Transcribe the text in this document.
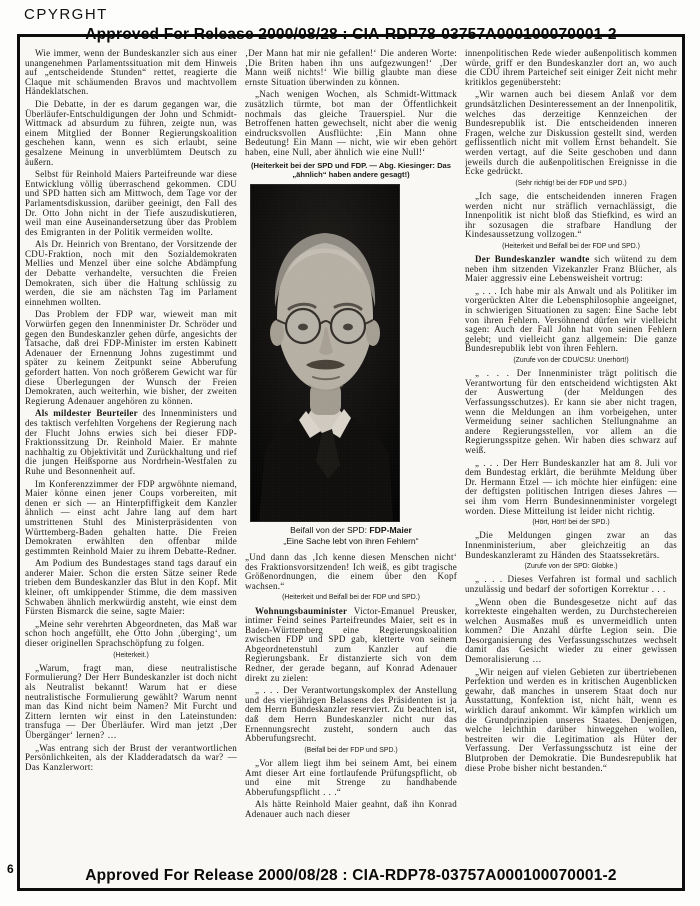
CPYRGHT
Approved For Release 2000/08/28 : CIA-RDP78-03757A000100070001-2

Wie immer, wenn der Bundeskanzler sich aus einer unangenehmen Parlamentssituation mit dem Hinweis auf „entscheidende Stunden“ rettet, reagierte die Claque mit schäumenden Bravos und machtvollem Händeklatschen.

Die Debatte, in der es darum gegangen war, die Überläufer-Entschuldigungen der John und Schmidt-Wittmack ad absurdum zu führen, zeigte nun, was einem Mitglied der Bonner Regierungskoalition geschehen kann, wenn es sich erlaubt, seine gesalzene Meinung in unverblümtem Deutsch zu äußern.

Selbst für Reinhold Maiers Parteifreunde war diese Entwicklung völlig überraschend gekommen. CDU und SPD hatten sich am Mittwoch, dem Tage vor der Parlamentsdiskussion, darüber geeinigt, den Fall des Dr. Otto John nicht in der Tiefe auszudiskutieren, weil man eine Auseinandersetzung über das Problem des Emigranten in der Politik vermeiden wollte.

Als Dr. Heinrich von Brentano, der Vorsitzende der CDU-Fraktion, noch mit den Sozialdemokraten Mellies und Menzel über eine solche Abdämpfung der Debatte verhandelte, versuchten die Freien Demokraten, sich über die Haltung schlüssig zu werden, die sie am nächsten Tag im Parlament einnehmen wollten.

Das Problem der FDP war, wieweit man mit Vorwürfen gegen den Innenminister Dr. Schröder und gegen den Bundeskanzler gehen dürfe, angesichts der Tatsache, daß drei FDP-Minister im ersten Kabinett Adenauer der Ernennung Johns zugestimmt und später zu keinem Zeitpunkt seine Abberufung gefordert hatten. Von noch größerem Gewicht war für diese Überlegungen der Wunsch der Freien Demokraten, auch weiterhin, wie bisher, der zweiten Regierung Adenauer angehören zu können.

Als mildester Beurteiler des Innenministers und des taktisch verfehlten Vorgehens der Regierung nach der Flucht Johns erwies sich bei dieser FDP-Fraktionssitzung Dr. Reinhold Maier. Er mahnte nachhaltig zu Objektivität und Zurückhaltung und rief die jungen Heißsporne aus Nordrhein-Westfalen zu Ruhe und Besonnenheit auf.

Im Konferenzzimmer der FDP argwöhnte niemand, Maier könne einen jener Coups vorbereiten, mit denen er sich — an Hinterpfiffigkeit dem Kanzler ähnlich — einst acht Jahre lang auf dem hart umstrittenen Stuhl des Ministerpräsidenten von Württemberg-Baden gehalten hatte. Die Freien Demokraten erwählten den offenbar milde gestimmten Reinhold Maier zu ihrem Debatte-Redner.

Am Podium des Bundestages stand tags darauf ein anderer Maier. Schon die ersten Sätze seiner Rede trieben dem Bundeskanzler das Blut in den Kopf. Mit kleiner, oft umkippender Stimme, die dem massiven Schwaben ähnlich merkwürdig ansteht, wie einst dem Fürsten Bismarck die seine, sagte Maier:

„Meine sehr verehrten Abgeordneten, das Maß war schon hoch angefüllt, ehe Otto John ‚überging‘, um dieser originellen Sprachschöpfung zu folgen.

(Heiterkeit.)

„Warum, fragt man, diese neutralistische Formulierung? Der Herr Bundeskanzler ist doch nicht als Neutralist bekannt! Warum hat er diese neutralistische Formulierung gewählt? Warum nennt man das Kind nicht beim Namen? Mit Furcht und Zittern lernten wir einst in den Lateinstunden: transfuga — Der Überläufer. Wird man jetzt ‚Der Übergänger‘ lernen? …

„Was entrang sich der Brust der verantwortlichen Persönlichkeiten, als der Kladderadatsch da war? — Das Kanzlerwort:

‚Der Mann hat mir nie gefallen!‘ Die anderen Worte: ‚Die Briten haben ihn uns aufgezwungen!‘ ‚Der Mann weiß nichts!‘ Wie billig glaubte man diese ernste Situation überwinden zu können.

„Nach wenigen Wochen, als Schmidt-Wittmack zusätzlich türmte, bot man der Öffentlichkeit nochmals das gleiche Trauerspiel. Nur die Betroffenen hatten gewechselt, nicht aber die wenig eindrucksvollen Ausflüchte: ‚Ein Mann ohne Bedeutung! Ein Mann — nicht, wie wir eben gehört haben, eine Null, aber ähnlich wie eine Null!‘

(Heiterkeit bei der SPD und FDP. — Abg. Kiesinger: Das „ähnlich“ haben andere gesagt!)
Beifall von der SPD: FDP-Maier
„Eine Sache lebt von ihren Fehlern“

„Und dann das ‚Ich kenne diesen Menschen nicht‘ des Fraktionsvorsitzenden! Ich weiß, es gibt tragische Größenordnungen, die einem über den Kopf wachsen.“

(Heiterkeit und Beifall bei der FDP und SPD.)

Wohnungsbauminister Victor-Emanuel Preusker, intimer Feind seines Parteifreundes Maier, seit es in Baden-Württemberg eine Regierungskoalition zwischen FDP und SPD gab, kletterte von seinem Abgeordnetenstuhl zum Kanzler auf die Regierungsbank. Er distanzierte sich von dem Redner, der gerade begann, auf Konrad Adenauer direkt zu zielen:

„ . . . Der Verantwortungskomplex der Anstellung und des vierjährigen Belassens des Präsidenten ist ja dem Herrn Bundeskanzler reserviert. Zu beachten ist, daß dem Herrn Bundeskanzler nicht nur das Ernennungsrecht zusteht, sondern auch das Abberufungsrecht.

(Beifall bei der FDP und SPD.)

„Vor allem liegt ihm bei seinem Amt, bei einem Amt dieser Art eine fortlaufende Prüfungspflicht, ob und eine mit Strenge zu handhabende Abberufungspflicht . . .“

Als hätte Reinhold Maier geahnt, daß ihn Konrad Adenauer auch nach dieser

innenpolitischen Rede wieder außenpolitisch kommen würde, griff er den Bundeskanzler dort an, wo auch die CDU ihrem Parteichef seit einiger Zeit nicht mehr kritiklos gegenübersteht:

„Wir warnen auch bei diesem Anlaß vor dem grundsätzlichen Desinteressement an der Innenpolitik, welches das derzeitige Kennzeichen der Bundesrepublik ist. Die entscheidenden inneren Fragen, welche zur Diskussion gestellt sind, werden geflissentlich nicht mit vollem Ernst behandelt. Sie werden vertagt, auf die Seite geschoben und dann jeweils durch die außenpolitischen Ereignisse in die Ecke gedrückt.

(Sehr richtig! bei der FDP und SPD.)

„Ich sage, die entscheidenden inneren Fragen werden nicht nur sträflich vernachlässigt, die Innenpolitik ist nicht bloß das Stiefkind, es wird an ihr sozusagen die strafbare Handlung der Kindesaussetzung vollzogen.“

(Heiterkeit und Beifall bei der FDP und SPD.)

Der Bundeskanzler wandte sich wütend zu dem neben ihm sitzenden Vizekanzler Franz Blücher, als Maier aggressiv eine Lebensweisheit vortrug:

„ . . . Ich habe mir als Anwalt und als Politiker im vorgerückten Alter die Lebensphilosophie angeeignet, in schwierigen Situationen zu sagen: Eine Sache lebt von ihren Fehlern. Versöhnend dürfen wir vielleicht sagen: Auch der Fall John hat von seinen Fehlern gelebt; und vielleicht ganz allgemein: Die ganze Bundesrepublik lebt von ihren Fehlern.

(Zurufe von der CDU/CSU: Unerhört!)

„ . . . Der Innenminister trägt politisch die Verantwortung für den entscheidend wichtigsten Akt der Auswertung (der Meldungen des Verfassungsschutzes). Er kann sie aber nicht tragen, wenn die Meldungen an ihm vorbeigehen, unter Vermeidung seiner sachlichen Stellungnahme an andere Regierungsstellen, vor allem an die Regierungsspitze gehen. Wir haben dies schwarz auf weiß.

„ . . . Der Herr Bundeskanzler hat am 8. Juli vor dem Bundestag erklärt, die berühmte Meldung über Dr. Hermann Etzel — ich möchte hier einfügen: eine der deftigsten politischen Intrigen dieses Jahres — sei ihm vom Herrn Bundesinnenminister vorgelegt worden. Diese Mitteilung ist leider nicht richtig.

(Hört, Hört! bei der SPD.)

„Die Meldungen gingen zwar an das Innenministerium, aber gleichzeitig an das Bundeskanzleramt zu Händen des Staatssekretärs.

(Zurufe von der SPD: Globke.)

„ . . . Dieses Verfahren ist formal und sachlich unzulässig und bedarf der sofortigen Korrektur . . .

„Wenn oben die Bundesgesetze nicht auf das korrekteste eingehalten werden, zu Durchstechereien welchen Ausmaßes muß es unvermeidlich unten kommen? Die Anzahl dürfte Legion sein. Die Desorganisierung des Verfassungsschutzes wechselt damit das Gesicht wieder zu einer gewissen Demoralisierung …

„Wir neigen auf vielen Gebieten zur übertriebenen Perfektion und werden es in kritischen Augenblicken gewahr, daß manches in unserem Staat doch nur Ausstattung, Konfektion ist, nicht hält, wenn es wirklich darauf ankommt. Wir kämpfen wirklich um die Grundprinzipien unseres Staates. Denjenigen, welche leichthin darüber hinweggehen wollen, bestreiten wir die Legitimation als Hüter der Verfassung. Der Verfassungsschutz ist eine der Blutproben der Demokratie. Die Bundesrepublik hat diese Probe bisher nicht bestanden.“

Approved For Release 2000/08/28 : CIA-RDP78-03757A000100070001-2
6
